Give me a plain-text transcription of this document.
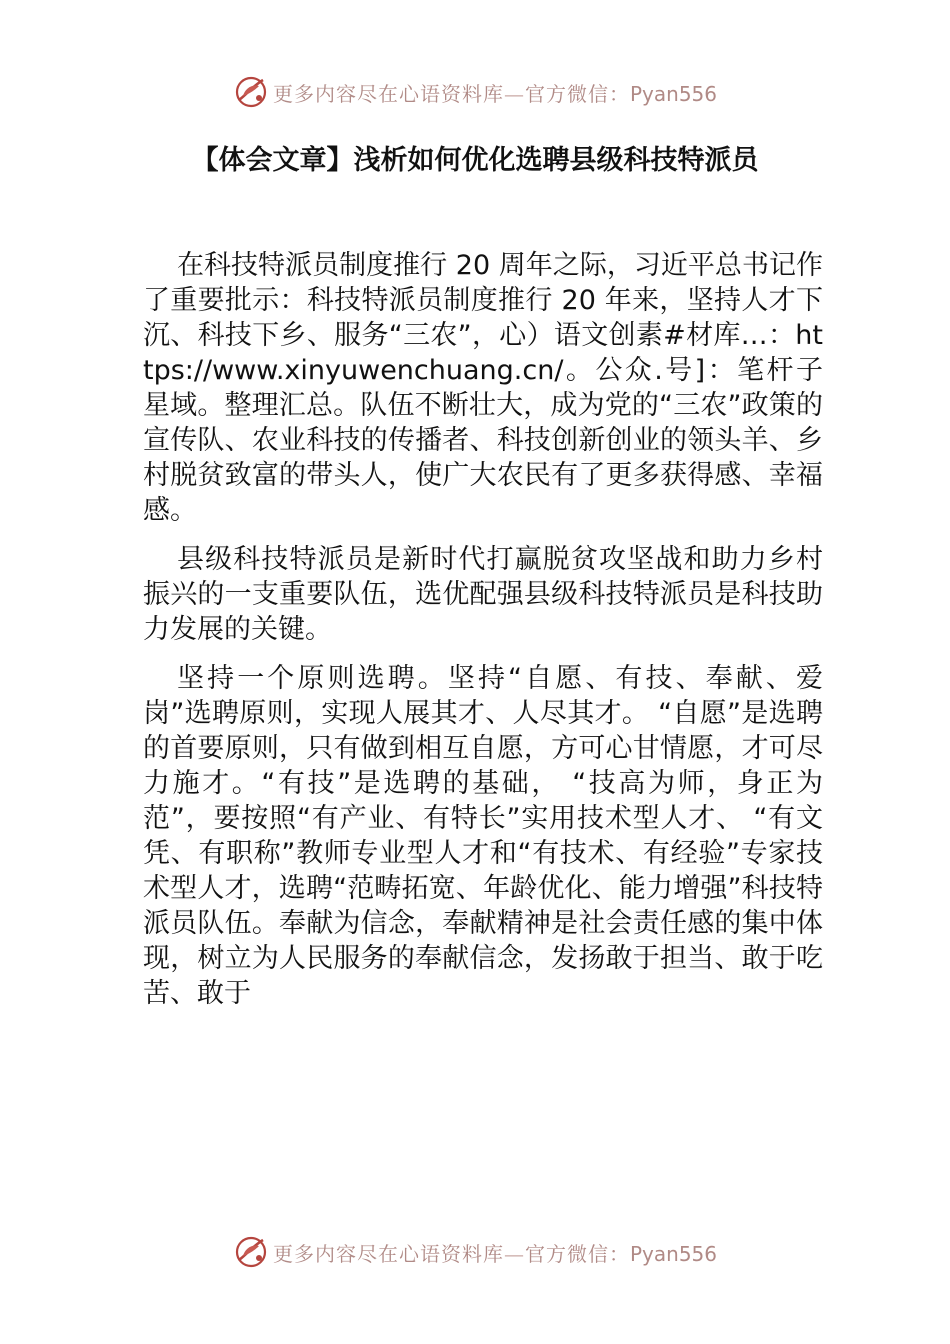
更多内容尽在心语资料库—官方微信：Pyan556
【体会文章】浅析如何优化选聘县级科技特派员

在科技特派员制度推行 20 周年之际，习近平总书记作了重要批示：科技特派员制度推行 20 年来，坚持人才下沉、科技下乡、服务“三农”，心）语文创素#材库…：https://www.xinyuwenchuang.cn/。公众.号]：笔杆子星域。整理汇总。队伍不断壮大，成为党的“三农”政策的宣传队、农业科技的传播者、科技创新创业的领头羊、乡村脱贫致富的带头人，使广大农民有了更多获得感、幸福感。

县级科技特派员是新时代打赢脱贫攻坚战和助力乡村振兴的一支重要队伍，选优配强县级科技特派员是科技助力发展的关键。

坚持一个原则选聘。坚持“自愿、有技、奉献、爱岗”选聘原则，实现人展其才、人尽其才。 “自愿”是选聘的首要原则，只有做到相互自愿，方可心甘情愿，才可尽力施才。“有技”是选聘的基础， “技高为师，身正为范”，要按照“有产业、有特长”实用技术型人才、 “有文凭、有职称”教师专业型人才和“有技术、有经验”专家技术型人才，选聘“范畴拓宽、年龄优化、能力增强”科技特派员队伍。奉献为信念，奉献精神是社会责任感的集中体现，树立为人民服务的奉献信念，发扬敢于担当、敢于吃苦、敢于

更多内容尽在心语资料库—官方微信：Pyan556
